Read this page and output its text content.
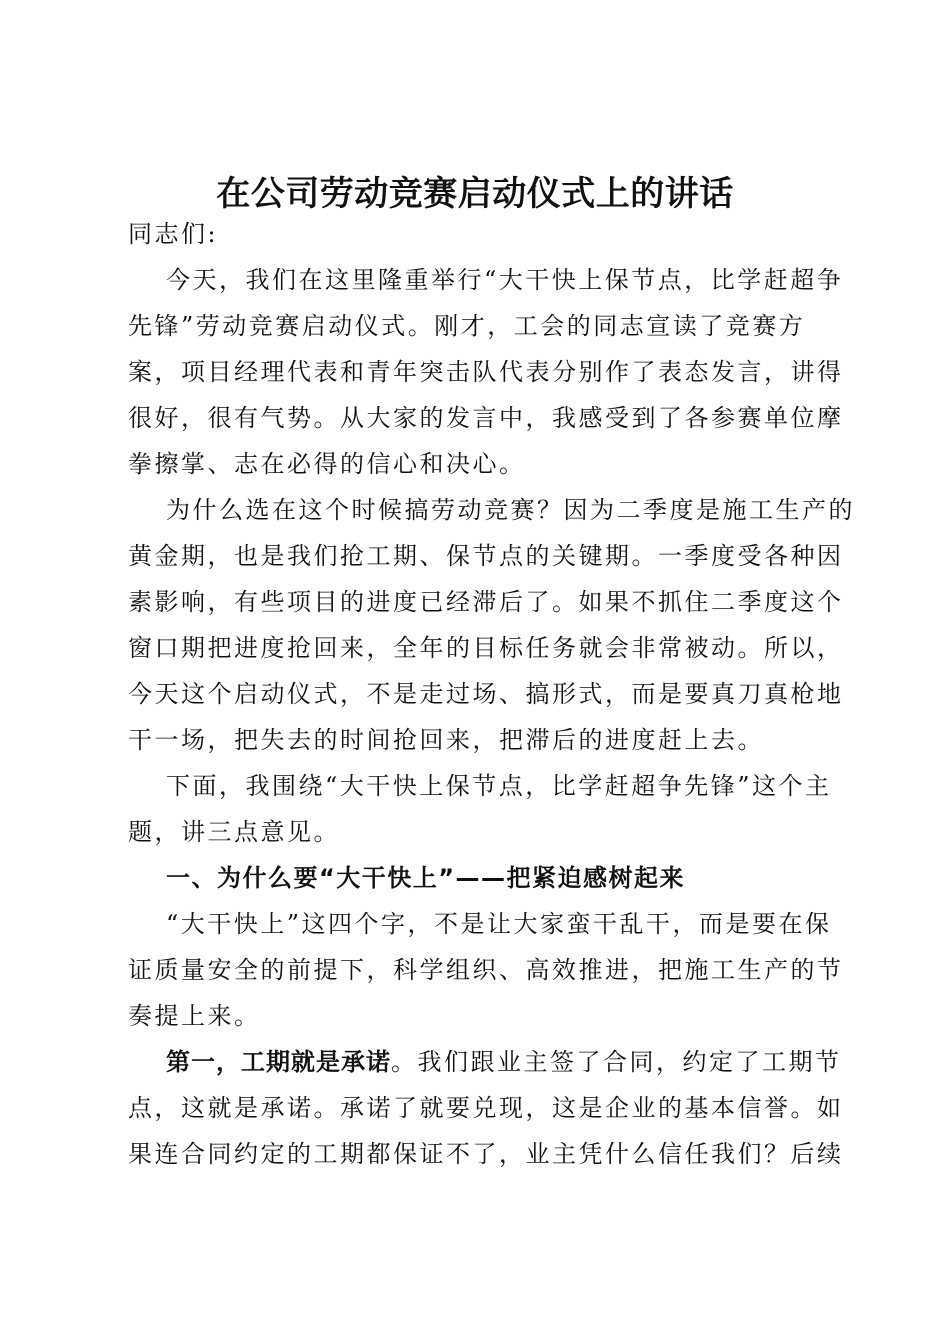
在公司劳动竞赛启动仪式上的讲话

同志们:

今天，我们在这里隆重举行“大干快上保节点，比学赶超争
先锋”劳动竞赛启动仪式。刚才，工会的同志宣读了竞赛方
案，项目经理代表和青年突击队代表分别作了表态发言，讲得
很好，很有气势。从大家的发言中，我感受到了各参赛单位摩
拳擦掌、志在必得的信心和决心。

为什么选在这个时候搞劳动竞赛？因为二季度是施工生产的
黄金期，也是我们抢工期、保节点的关键期。一季度受各种因
素影响，有些项目的进度已经滞后了。如果不抓住二季度这个
窗口期把进度抢回来，全年的目标任务就会非常被动。所以，
今天这个启动仪式，不是走过场、搞形式，而是要真刀真枪地
干一场，把失去的时间抢回来，把滞后的进度赶上去。

下面，我围绕“大干快上保节点，比学赶超争先锋”这个主
题，讲三点意见。

一、为什么要“大干快上”——把紧迫感树起来

“大干快上”这四个字，不是让大家蛮干乱干，而是要在保
证质量安全的前提下，科学组织、高效推进，把施工生产的节
奏提上来。

第一，工期就是承诺。我们跟业主签了合同，约定了工期节
点，这就是承诺。承诺了就要兑现，这是企业的基本信誉。如
果连合同约定的工期都保证不了，业主凭什么信任我们？后续
